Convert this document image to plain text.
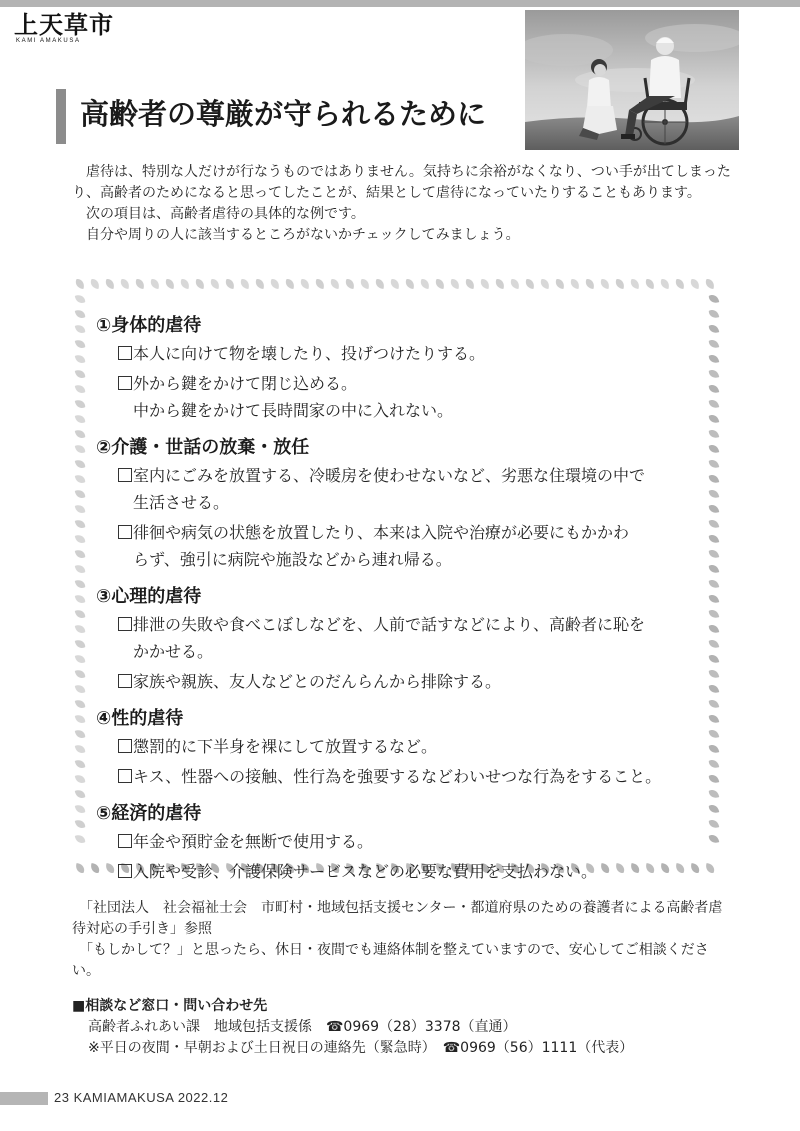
上天草市
KAMI AMAKUSA
高齢者の尊厳が守られるために

虐待は、特別な人だけが行なうものではありません。気持ちに余裕がなくなり、つい手が出てしまったり、高齢者のためになると思ってしたことが、結果として虐待になっていたりすることもあります。

次の項目は、高齢者虐待の具体的な例です。

自分や周りの人に該当するところがないかチェックしてみましょう。

①身体的虐待
本人に向けて物を壊したり、投げつけたりする。
外から鍵をかけて閉じ込める。
中から鍵をかけて長時間家の中に入れない。
②介護・世話の放棄・放任
室内にごみを放置する、冷暖房を使わせないなど、劣悪な住環境の中で
生活させる。
徘徊や病気の状態を放置したり、本来は入院や治療が必要にもかかわ
らず、強引に病院や施設などから連れ帰る。
③心理的虐待
排泄の失敗や食べこぼしなどを、人前で話すなどにより、高齢者に恥を
かかせる。
家族や親族、友人などとのだんらんから排除する。
④性的虐待
懲罰的に下半身を裸にして放置するなど。
キス、性器への接触、性行為を強要するなどわいせつな行為をすること。
⑤経済的虐待
年金や預貯金を無断で使用する。
入院や受診、介護保険サービスなどの必要な費用を支払わない。

「社団法人　社会福祉士会　市町村・地域包括支援センター・都道府県のための養護者による高齢者虐待対応の手引き」参照

「もしかして？」と思ったら、休日・夜間でも連絡体制を整えていますので、安心してご相談ください。

■相談など窓口・問い合わせ先
高齢者ふれあい課　地域包括支援係　☎0969（28）3378（直通）
※平日の夜間・早朝および土日祝日の連絡先（緊急時）　☎0969（56）1111（代表）
23 KAMIAMAKUSA 2022.12
